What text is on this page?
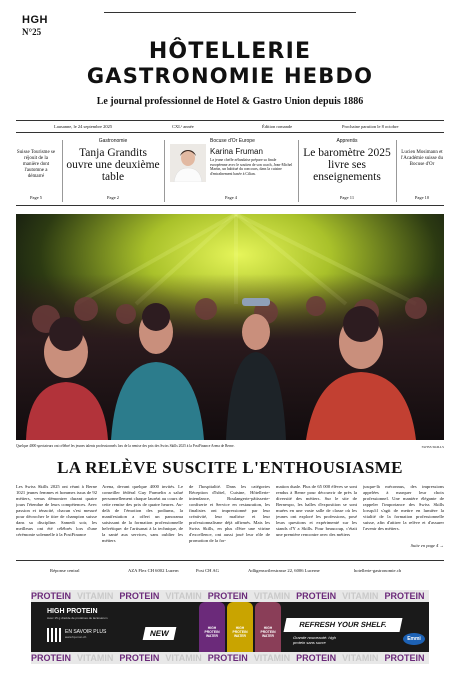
HGH
N°25
HÔTELLERIE
GASTRONOMIE HEBDO
Le journal professionnel de Hotel & Gastro Union depuis 1886
Lausanne, le 24 septembre 2025	CXLᵉ année	Édition romande	Prochaine parution le 8 octobre
Suisse Tourisme se réjouit de la manière dont l'automne a démarré
Page 5
Gastronomie
Tanja Grandits ouvre une deuxième table
Page 2
Bocuse d'Or Europe
Karina Fruman
La jeune cheffe zélandaise prépare sa finale européenne avec le soutien de son coach, Jean-Michel Martin, un habitué du concours, dans la cuisine d'entraînement basée à Cilian.
Page 4
Apprentis
Le baromètre 2025 livre ses enseignements
Page 11
Lucien Mosimann et l'Académie suisse du Bocuse d'Or
Page 10
Quelque 4000 spectateurs ont célébré les jeunes talents professionnels lors de la remise des prix des Swiss Skills 2025 à la PostFinance Arena de Berne.	SWISS SKILLS
LA RELÈVE SUSCITE L'ENTHOUSIASME
Les Swiss Skills 2025 ont réuni à Berne 1021 jeunes femmes et hommes issus de 92 métiers, venus démontrer durant quatre jours l'étendue de leurs compétences. Avec passion et ténacité, chacun s'est mesuré pour décrocher le titre de champion suisse dans sa discipline. Samedi soir, les meilleurs ont été célébrés lors d'une cérémonie solennelle à la PostFinance
Arena, devant quelque 4000 invités. Le conseiller fédéral Guy Parmelin a salué personnellement chaque lauréat au cours de cette remise des prix de quatre heures. Au-delà de l'émotion des podiums, la manifestation a offert un panorama saisissant de la formation professionnelle helvétique: de l'artisanat à la technique, de la santé aux services, sans oublier les métiers
de l'hospitalité. Dans les catégories Réception d'hôtel, Cuisine, Hôtellerie-intendance, Boulangerie-pâtisserie-confiserie et Service en restauration, les finalistes ont impressionné par leur créativité, leur maîtrise et leur professionnalisme déjà affirmés. Mais les Swiss Skills, en plus d'être une vitrine d'excellence, ont aussi joué leur rôle de promotion de la for-
mation duale. Plus de 65 000 élèves se sont rendus à Berne pour découvrir de près la diversité des métiers. Sur le site de Bernexpo, les halles d'exposition se sont muées en une vaste salle de classe où les jeunes ont exploré les professions, posé leurs questions et expérimenté sur les stands d'Y a Skills. Pour beaucoup, c'était une première rencontre avec des métiers
jusque-là méconnus, des impressions appelées à marquer leur choix professionnel. Une manière élégante de rappeler l'importance des Swiss Skills lorsqu'il s'agit de mettre en lumière la vitalité de la formation professionnelle suisse, afin d'attirer la relève et d'assurer l'avenir des métiers.
Suite en page 4 →
Réponse central	AZA Flex CH 6002 Luzern	Post CH AG	Adligenswilerstrasse 22, 6006 Lucerne	hotellerie-gastronomie.ch
PROTEIN VITAMIN PROTEIN VITAMIN PROTEIN VITAMIN PROTEIN VITAMIN PROTEIN
HIGH PROTEIN
Avec 15 g d'acide de protéines de lactosérum
EN SAVOIR PLUS
www.hp-mon.ch	NEW
HIGH PROTEIN WATER
HIGH PROTEIN WATER
HIGH PROTEIN WATER
REFRESH YOUR SHELF.
Grande nouveauté: high
protein sans sucre
Emmi
PROTEIN VITAMIN PROTEIN VITAMIN PROTEIN VITAMIN PROTEIN VITAMIN PROTEIN
